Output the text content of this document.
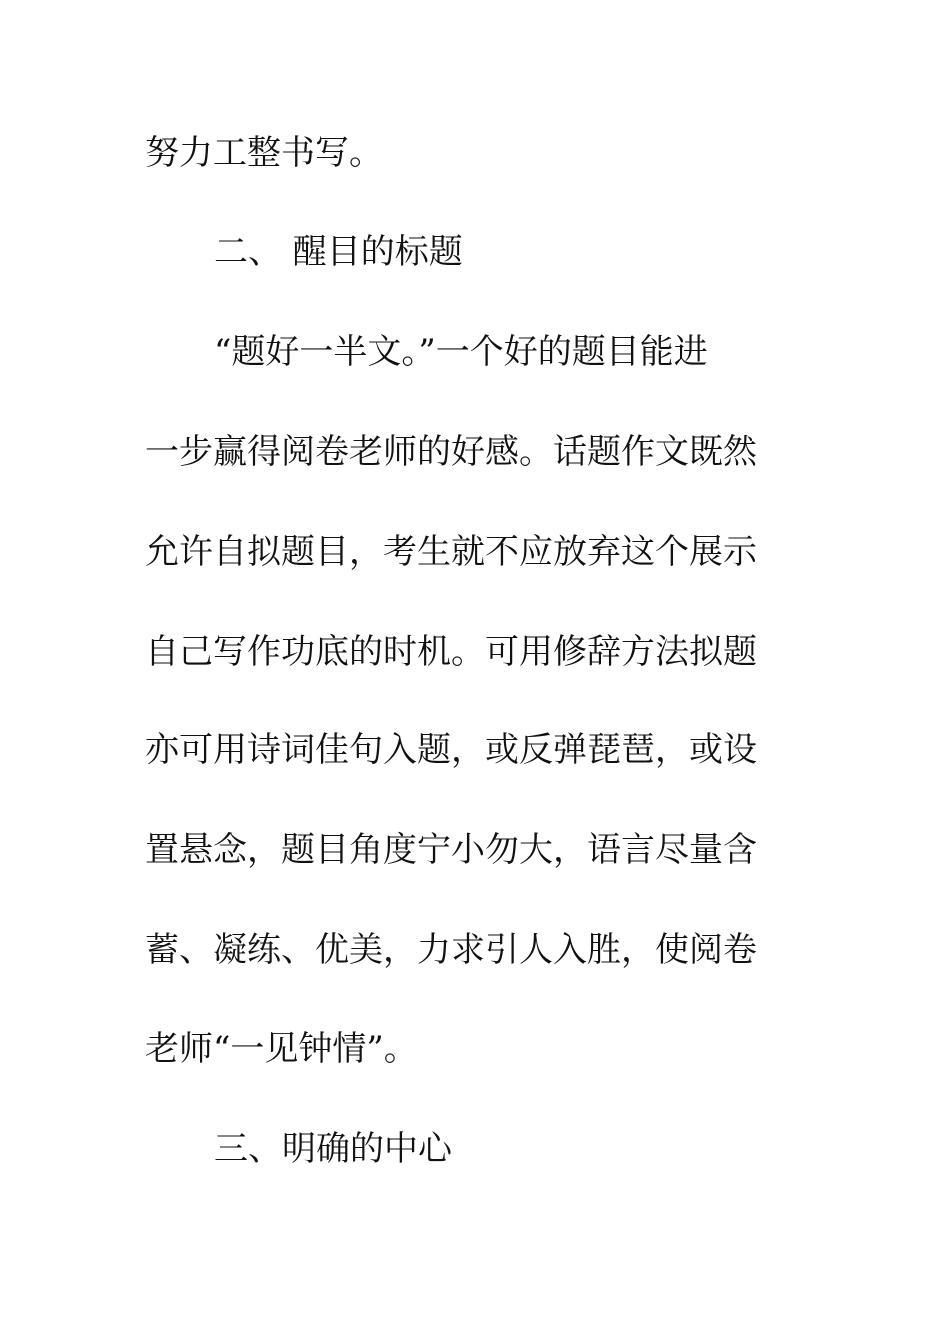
努力工整书写。
二、 醒目的标题
“题好一半文。”一个好的题目能进
一步赢得阅卷老师的好感。话题作文既然
允许自拟题目，考生就不应放弃这个展示
自己写作功底的时机。可用修辞方法拟题
亦可用诗词佳句入题，或反弹琵琶，或设
置悬念，题目角度宁小勿大，语言尽量含
蓄、凝练、优美，力求引人入胜，使阅卷
老师“一见钟情”。
三、明确的中心
